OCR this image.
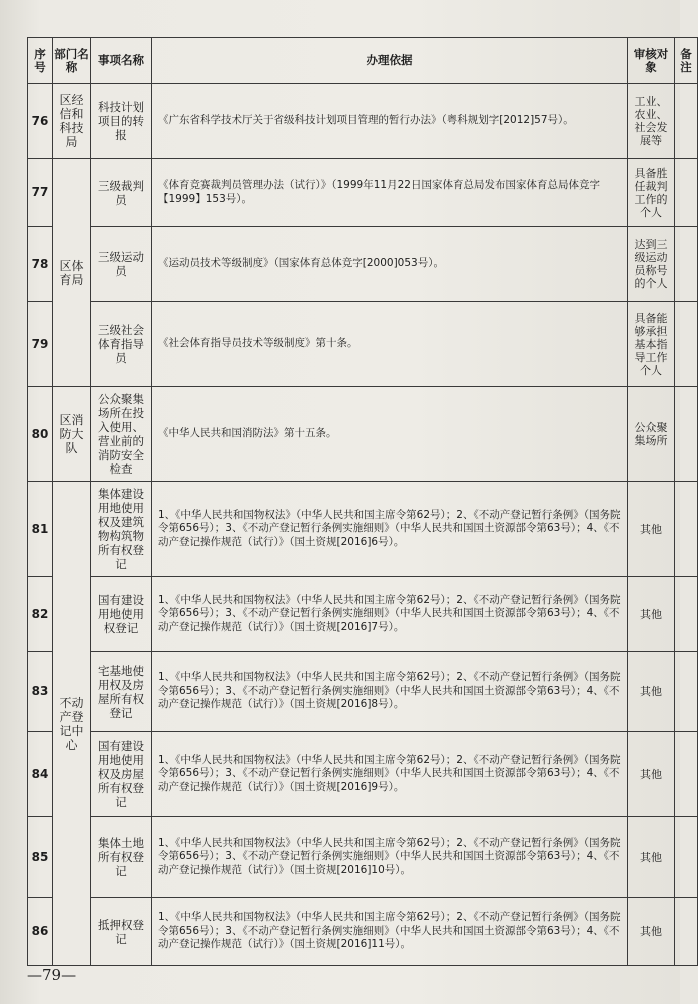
序号	部门名称	事项名称	办理依据	审核对象	备注
76	区经信和科技局	科技计划项目的转报	《广东省科学技术厅关于省级科技计划项目管理的暂行办法》（粤科规划字[2012]57号）。	工业、农业、社会发展等	
77	区体育局	三级裁判员	《体育竞赛裁判员管理办法（试行）》（1999年11月22日国家体育总局发布国家体育总局体竞字【1999】153号）。	具备胜任裁判工作的个人	
78		三级运动员	《运动员技术等级制度》（国家体育总体竞字[2000]053号）。	达到三级运动员称号的个人	
79		三级社会体育指导员	《社会体育指导员技术等级制度》第十条。	具备能够承担基本指导工作个人	
80	区消防大队	公众聚集场所在投入使用、营业前的消防安全检查	《中华人民共和国消防法》第十五条。	公众聚集场所	
81	不动产登记中心	集体建设用地使用权及建筑物构筑物所有权登记	1、《中华人民共和国物权法》（中华人民共和国主席令第62号）；2、《不动产登记暂行条例》（国务院令第656号）；3、《不动产登记暂行条例实施细则》（中华人民共和国国土资源部令第63号）；4、《不动产登记操作规范（试行）》（国土资规[2016]6号）。	其他	
82		国有建设用地使用权登记	1、《中华人民共和国物权法》（中华人民共和国主席令第62号）；2、《不动产登记暂行条例》（国务院令第656号）；3、《不动产登记暂行条例实施细则》（中华人民共和国国土资源部令第63号）；4、《不动产登记操作规范（试行）》（国土资规[2016]7号）。	其他	
83		宅基地使用权及房屋所有权登记	1、《中华人民共和国物权法》（中华人民共和国主席令第62号）；2、《不动产登记暂行条例》（国务院令第656号）；3、《不动产登记暂行条例实施细则》（中华人民共和国国土资源部令第63号）；4、《不动产登记操作规范（试行）》（国土资规[2016]8号）。	其他	
84		国有建设用地使用权及房屋所有权登记	1、《中华人民共和国物权法》（中华人民共和国主席令第62号）；2、《不动产登记暂行条例》（国务院令第656号）；3、《不动产登记暂行条例实施细则》（中华人民共和国国土资源部令第63号）；4、《不动产登记操作规范（试行）》（国土资规[2016]9号）。	其他	
85		集体土地所有权登记	1、《中华人民共和国物权法》（中华人民共和国主席令第62号）；2、《不动产登记暂行条例》（国务院令第656号）；3、《不动产登记暂行条例实施细则》（中华人民共和国国土资源部令第63号）；4、《不动产登记操作规范（试行）》（国土资规[2016]10号）。	其他	
86		抵押权登记	1、《中华人民共和国物权法》（中华人民共和国主席令第62号）；2、《不动产登记暂行条例》（国务院令第656号）；3、《不动产登记暂行条例实施细则》（中华人民共和国国土资源部令第63号）；4、《不动产登记操作规范（试行）》（国土资规[2016]11号）。	其他	
—79—
